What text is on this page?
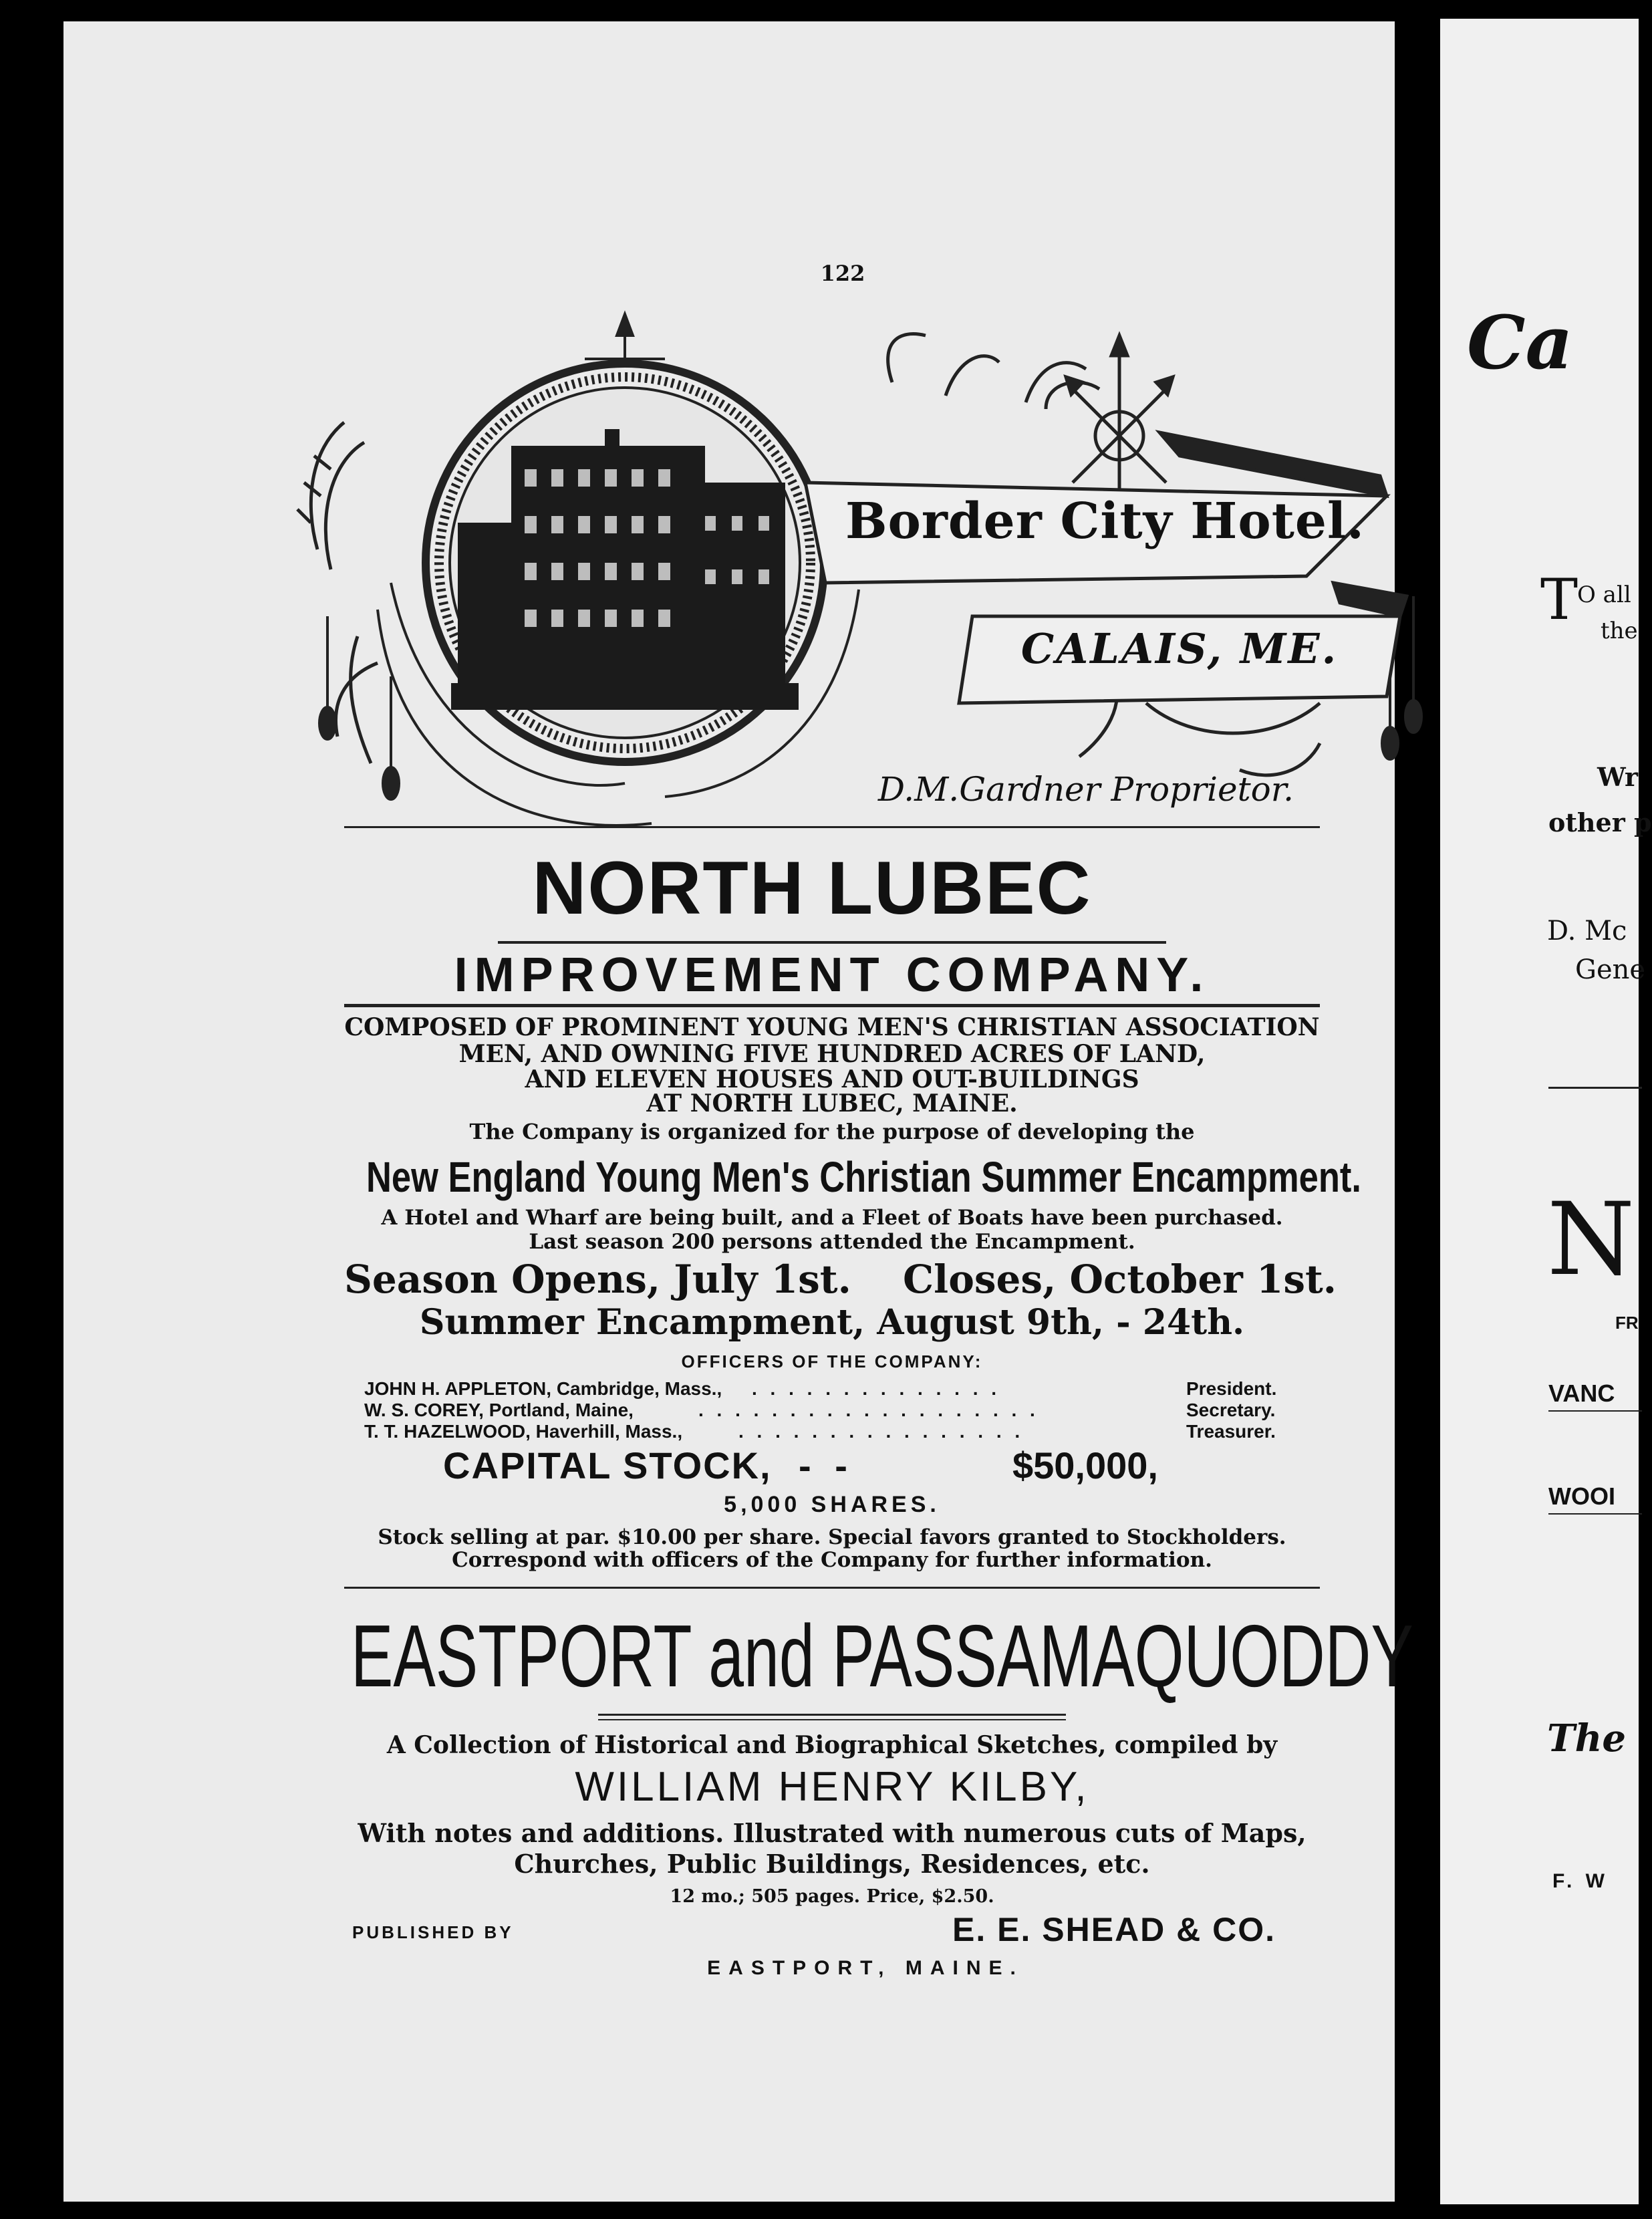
122
Border City Hotel.
CALAIS, ME.
D.M.Gardner Proprietor.
NORTH LUBEC
IMPROVEMENT COMPANY.
COMPOSED OF PROMINENT YOUNG MEN'S CHRISTIAN ASSOCIATION
MEN, AND OWNING FIVE HUNDRED ACRES OF LAND,
AND ELEVEN HOUSES AND OUT-BUILDINGS
AT NORTH LUBEC, MAINE.
The Company is organized for the purpose of developing the
New England Young Men's Christian Summer Encampment.
A Hotel and Wharf are being built, and a Fleet of Boats have been purchased.
Last season 200 persons attended the Encampment.
Season Opens, July 1st. Closes, October 1st.
Summer Encampment, August 9th, - 24th.
OFFICERS OF THE COMPANY:
JOHN H. APPLETON, Cambridge, Mass., . . . . . . . . . . . . . .	President.
W. S. COREY, Portland, Maine,	. . . . . . . . . . . . . . . . . . .	Secretary.
T. T. HAZELWOOD, Haverhill, Mass.,	. . . . . . . . . . . . . . . .	Treasurer.
CAPITAL STOCK, - -	$50,000,
5,000 SHARES.
Stock selling at par. $10.00 per share. Special favors granted to Stockholders.
Correspond with officers of the Company for further information.
EASTPORT and PASSAMAQUODDY
A Collection of Historical and Biographical Sketches, compiled by
WILLIAM HENRY KILBY,
With notes and additions. Illustrated with numerous cuts of Maps,
Churches, Public Buildings, Residences, etc.
12 mo.; 505 pages. Price, $2.50.
PUBLISHED BY	E. E. SHEAD & CO.
EASTPORT, MAINE.
Ca
T
O all
the
Wr
other p
D. Mc
Gene
N
FR
VANC
WOOI
The
F. W
